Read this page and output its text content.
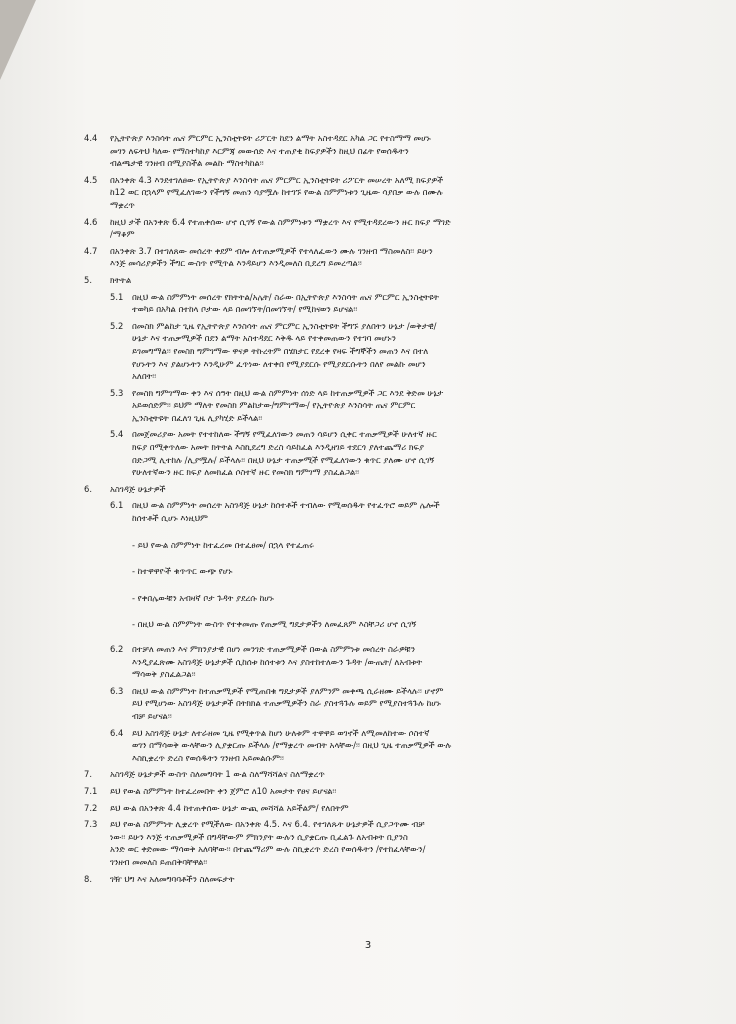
4.4	የኢትዮጵያ እንስሳት ጤና ምርምር ኢንስቲትዩት ሪፖርት ከደን ልማት አስተዳደር አካል ጋር የተስማማ መሆኑ
መገን ለፍትህ ካለው የማስተካከያ እርምጃ መውሰድ እና ተጠያቂ ከፍያዎችን ከዚህ በፊት የወሰዱትን
ብልጫታዊ ገንዘብ በሚያስችል መልኩ ማስተካከል፡፡
4.5	በአንቀጽ 4.3 እንደተገለፀው የኢትዮጵያ እንስሳት ጤና ምርምር ኢንስቲትዩት ሪፖርት መሠረት አለሚ ክፍያዎች
ከ12 ወር በኋላም የሚፈለገውን የችግኝ መጠን ሳያሟሉ ከተገኙ የውል ስምምነቱን ጊዜው ሳያበቃ ውሉ በሙሉ
ማቋረጥ
4.6	ከዚህ ታች በአንቀጽ 6.4 የተጠቀሰው ሆኖ ሲገኝ የውል ስምምነቱን ማቋረጥ እና የሚተዳደረውን ዙር ክፍያ ማገድ
/ማቆም
4.7	በአንቀጽ 3.7 በተገለጸው መሰረት ቀደም ብሎ ለተጠቃሚዎች የተላለፈውን ሙሉ ገንዘብ ማስመለስ፡፡ ይሁን
እንጅ መሳሪያዎችን ችግር ውስጥ የሚጥል እንዳይሆን እንዲመለስ ቢደረግ ይመረጣል፡፡
5.	ክትትል
5.1	በዚህ ውል ስምምነት መሰረት የክትትል/አሌት/ ስራው በኢትዮጵያ እንስሳት ጤና ምርምር ኢንስቲትዩት
ተወካይ በአካል በተከላ ቦታው ላይ በመገኘት/በመገኘት/ የሚከናወን ይሆናል፡፡
5.2	በመስክ ምልከታ ጊዜ የኢትዮጵያ እንስሳት ጤና ምርምር ኢንስቲትዩት ችግኙ ያለበትን ሁኔታ /ወቅታዊ/
ሁኔታ እና ተጠቃሚዎች በደን ልማት አስተዳደር እቅዱ ላይ የተቀመጠውን የተገባ መሆኑን
ይገመግማል፡፡ የመስክ ግምገማው ዋናዎ ትኩረትም በሄክታር የደረቀ የዛፍ ችግኞችን መጠን እና በተለ
የሆኑትን እና ያልሆኑትን እንዲሁም ፈጥነው ለተቀበ የሚያደርሱ የሚያደርሱትን በለየ መልኩ መሆን
አለበት፡፡
5.3	የመስክ ግምገማው ቀን እና ሰዓት በዚህ ውል ስምምነት ሰነድ ላይ ከተጠቃሚዎች ጋር እንደ ቅድመ ሁኔታ
አይወሰድም፡፡ ይህም ማለት የመስክ ምልከታው/ግምገማው/ የኢትዮጵያ እንስሳት ጤና ምርምር
ኢንስቲትዩት በፈለገ ጊዜ ሊያካሂድ ይችላል፡፡
5.4	በመጀመሪያው አመት የተተከለው ችግኝ የሚፈለገውን መጠን ሳይሆን ሲቀር ተጠቃሚዎች ሁለተኛ ዙር
ክፍያ በሚቀጥለው አመት ክትትል እስኪደረግ ድረስ ሳይከፈል እንዲዘገይ ተደርጎ ያለተጨማሪ ክፍያ
በድጋሚ ሊተከሉ /ሊያሟሉ/ ይችላሉ፡፡ በዚህ ሁኔታ ተጠቃሚች የሚፈለገውን ቁጥር ያለሙ ሆኖ ሲገኝ
የሁለተኛውን ዙር ክፍያ ለመክፈል ሶስተኛ ዙር የመስክ ግምገማ ያስፈልጋል፡፡
6.	አስገዳጅ ሁኔታዎች
6.1	በዚህ ውል ስምምነት መሰረት አስገዳጅ ሁኔታ ከሰተቶች ተብለው የሚወሰዱት የተፈጥሮ ወይም ሌሎች
ከሰተቶች ሲሆኑ እነዚህም
- ይህ የውል ስምምነት ከተፈረመ በተፈፀመ/ በኋላ የተፈጠሩ
- ከተዋዋዮች ቁጥጥር ውጭ የሆኑ
- የቀበሌውቹን አብዛኛ ቦታ ጉዳት ያደረሱ ከሆኑ
- በዚህ ውል ስምምነት ውስጥ የተቀመጡ የጠቃሚ ግዴታዎችን ለመፈጸም እስቸጋሪ ሆኖ ሲገኝ
6.2	በተቻለ መጠን እና ምክንያታዊ በሆነ መንገድ ተጠቃሚዎች በውል ስምምነቱ መሰረት ስራዎቹን
እንዲያፈጽሙ አስገዳጅ ሁኔታዎች ሲከሰቱ ከሰተቱን እና ያስተከተለውን ጉዳት /ውጤት/ ለአብቱት
ማሳወቅ ያስፈልጋል፡፡
6.3	በዚህ ውል ስምምነት ከተጠቃሚዎች የሚጠበቁ ግዴታዎች ያለምንም መቀጫ ሲራዘሙ ይችላሉ፡፡ ሆኖም
ይህ የሚሆነው አስገዳጅ ሁኔታዎች በትክክል ተጠቃሚዎችን ስራ ያስተጓጉሉ ወይም የሚያስተጓጉሉ ከሆኑ
ብቻ ይሆናል፡፡
6.4	ይህ አስገዳጅ ሁኔታ ለተራዘመ ጊዜ የሚቀጥል ከሆነ ሁለቱም ተዋዋይ ወገኖች ለሚመለከተው ሶስተኛ
ወገን በማሳወቅ ውላቸውን ሊያቋርጡ ይችላሉ /የማቋረጥ መብት አላቸው/፡፡ በዚህ ጊዜ ተጠቃሚዎች ውሉ
እስኪቋረጥ ድረስ የወሰዱትን ገንዘብ አይመልሱም፡፡
7.	አስገዳጅ ሁኔታዎች ውስጥ ስለመግባት 1 ውል ስለማሻሻልና ስለማቋረጥ
7.1	ይህ የውል ስምምነት ከተፈረመበት ቀን ጀምሮ ለ10 አመታት የፀና ይሆናል፡፡
7.2	ይህ ውል በአንቀጽ 4.4 ከተጠቀሰው ሁኔታ ውጪ መሻሻል አይችልም/ የለበትም
7.3	ይህ የውል ስምምነት ሊቋረጥ የሚችለው በአንቀጽ 4.5. እና 6.4. የተገለጹት ሁኔታዎች ሲያጋጥሙ ብቻ
ነው፡፡ ይሁን እንጅ ተጠቃሚዎች በግዳቸውም ምክንያት ውሉን ሲያቋርጡ ቢፈልጉ ለአብቱት ቢያንስ
አንድ ወር ቀድመው ማሳወቅ አለባቸው፡፡ በተጨማሪም ውሉ ስኪቋረጥ ድረስ የወሰዱትን /የተከፈላቸውን/
ገንዘብ መመለስ ይጠበቅባቸዋል፡፡
8.	ገዥ ህግ እና አለመግባባቶችን ስለመፍታት
3
